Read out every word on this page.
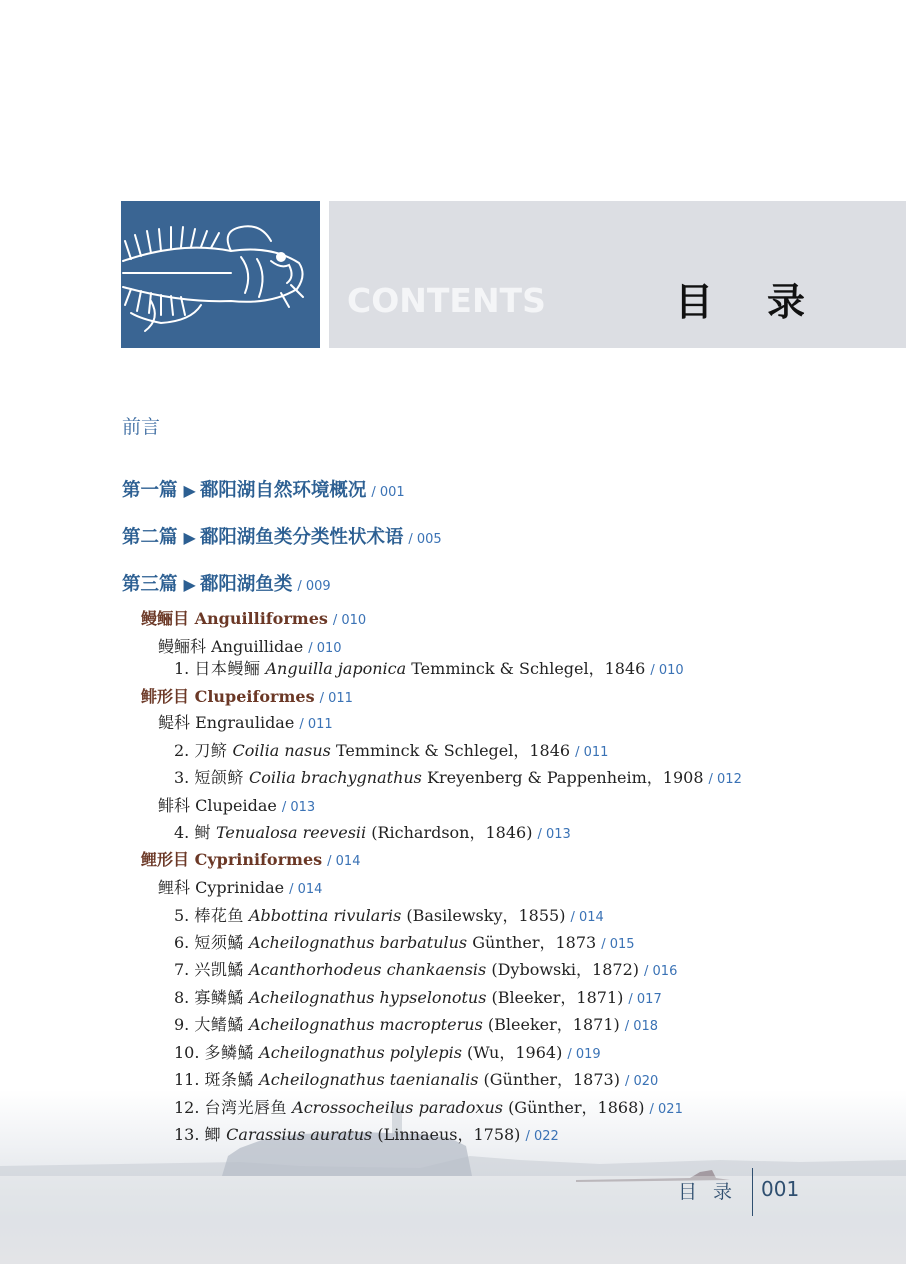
CONTENTS	目录
前言
第一篇 ▶ 鄱阳湖自然环境概况 / 001
第二篇 ▶ 鄱阳湖鱼类分类性状术语 / 005
第三篇 ▶ 鄱阳湖鱼类 / 009
鳗鲡目 Anguilliformes / 010
鳗鲡科 Anguillidae / 010
1. 日本鳗鲡 Anguilla japonica Temminck & Schlegel，1846 / 010
鲱形目 Clupeiformes / 011
鳀科 Engraulidae / 011
2. 刀鲚 Coilia nasus Temminck & Schlegel，1846 / 011
3. 短颌鲚 Coilia brachygnathus Kreyenberg & Pappenheim，1908 / 012
鲱科 Clupeidae / 013
4. 鲥 Tenualosa reevesii (Richardson，1846) / 013
鲤形目 Cypriniformes / 014
鲤科 Cyprinidae / 014
5. 棒花鱼 Abbottina rivularis (Basilewsky，1855) / 014
6. 短须鱊 Acheilognathus barbatulus Günther，1873 / 015
7. 兴凯鱊 Acanthorhodeus chankaensis (Dybowski，1872) / 016
8. 寡鳞鱊 Acheilognathus hypselonotus (Bleeker，1871) / 017
9. 大鳍鱊 Acheilognathus macropterus (Bleeker，1871) / 018
10. 多鳞鱊 Acheilognathus polylepis (Wu，1964) / 019
11. 斑条鱊 Acheilognathus taenianalis (Günther，1873) / 020
12. 台湾光唇鱼 Acrossocheilus paradoxus (Günther，1868) / 021
13. 鲫 Carassius auratus (Linnaeus，1758) / 022
目录 001
